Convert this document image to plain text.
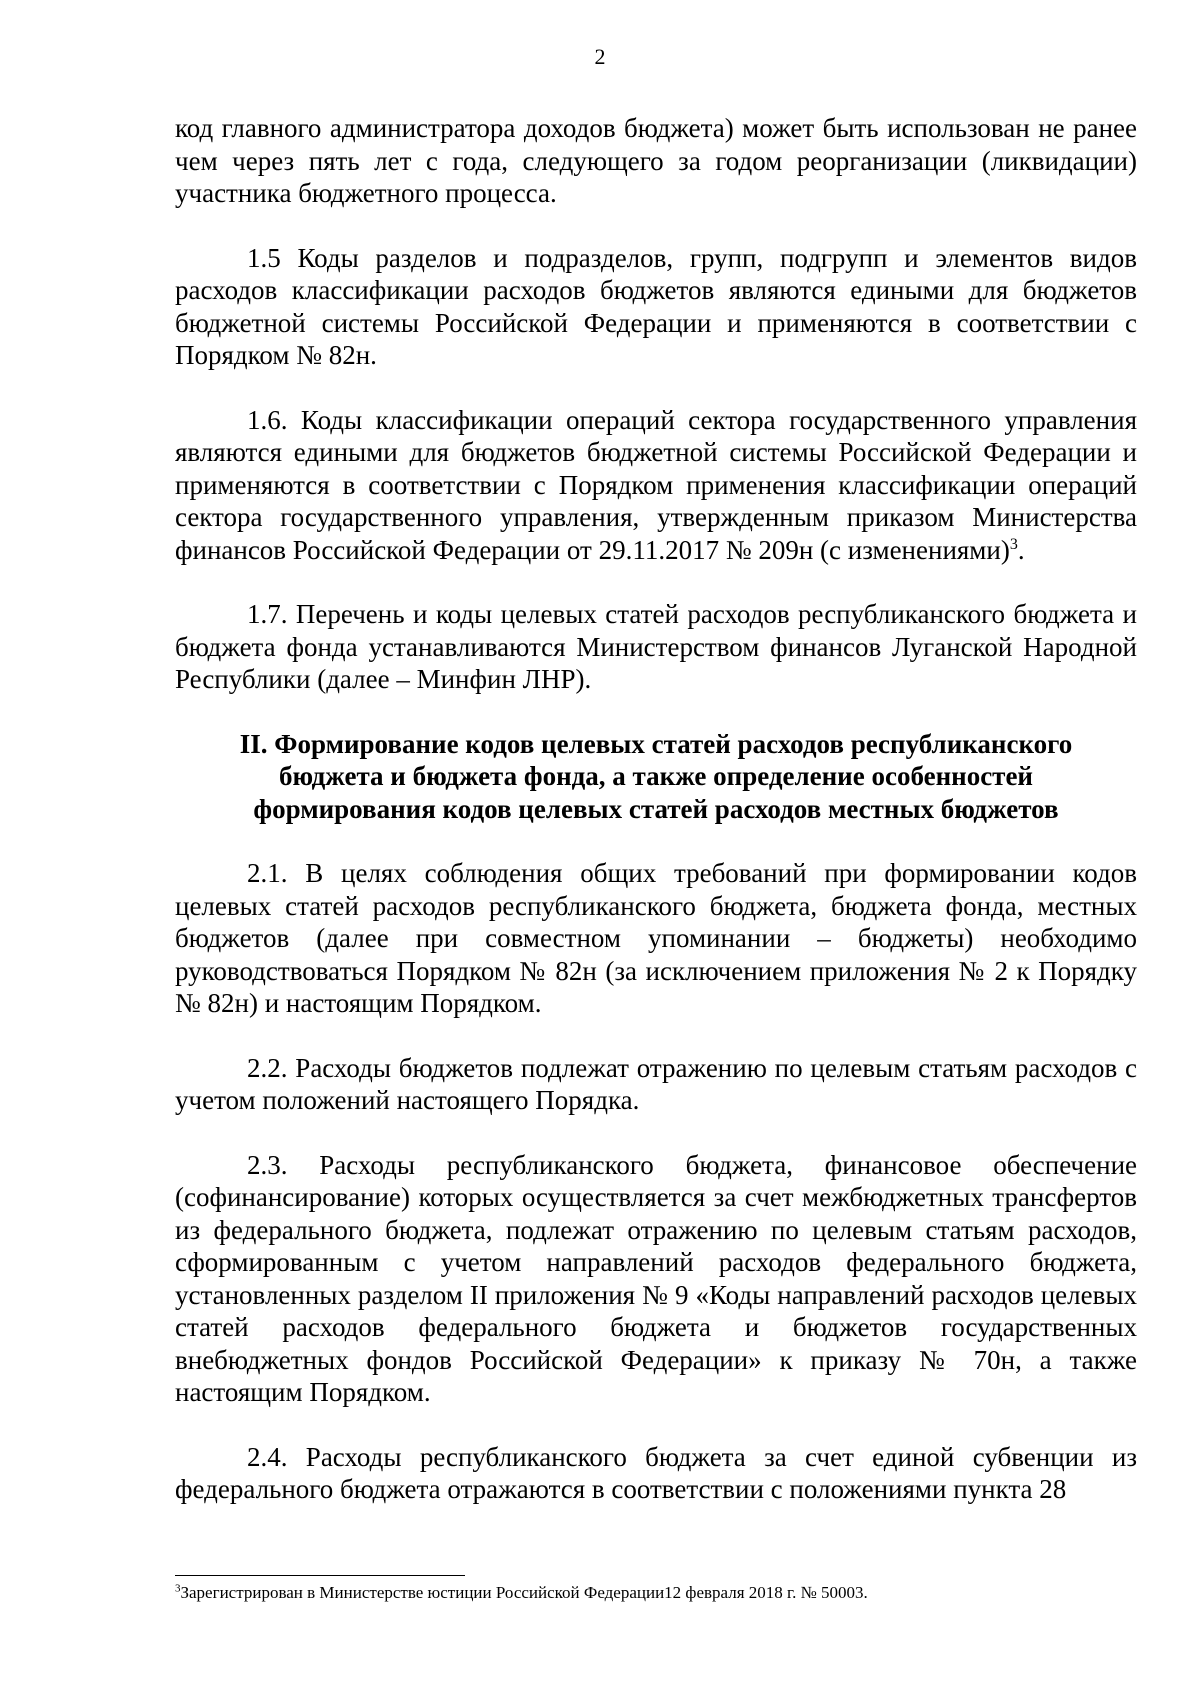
2

код главного администратора доходов бюджета) может быть использован не ранее чем через пять лет с года, следующего за годом реорганизации (ликвидации) участника бюджетного процесса.

1.5 Коды разделов и подразделов, групп, подгрупп и элементов видов расходов классификации расходов бюджетов являются едиными для бюджетов бюджетной системы Российской Федерации и применяются в соответствии с Порядком № 82н.

1.6. Коды классификации операций сектора государственного управления являются едиными для бюджетов бюджетной системы Российской Федерации и применяются в соответствии с Порядком применения классификации операций сектора государственного управления, утвержденным приказом Министерства финансов Российской Федерации от 29.11.2017 № 209н (с изменениями)$^3$.

1.7. Перечень и коды целевых статей расходов республиканского бюджета и бюджета фонда устанавливаются Министерством финансов Луганской Народной Республики (далее – Минфин ЛНР).

II. Формирование кодов целевых статей расходов республиканского бюджета и бюджета фонда, а также определение особенностей формирования кодов целевых статей расходов местных бюджетов

2.1. В целях соблюдения общих требований при формировании кодов целевых статей расходов республиканского бюджета, бюджета фонда, местных бюджетов (далее при совместном упоминании – бюджеты) необходимо руководствоваться Порядком № 82н (за исключением приложения № 2 к Порядку № 82н) и настоящим Порядком.

2.2. Расходы бюджетов подлежат отражению по целевым статьям расходов с учетом положений настоящего Порядка.

2.3. Расходы республиканского бюджета, финансовое обеспечение (софинансирование) которых осуществляется за счет межбюджетных трансфертов из федерального бюджета, подлежат отражению по целевым статьям расходов, сформированным с учетом направлений расходов федерального бюджета, установленных разделом II приложения № 9 «Коды направлений расходов целевых статей расходов федерального бюджета и бюджетов государственных внебюджетных фондов Российской Федерации» к приказу № 70н, а также настоящим Порядком.

2.4. Расходы республиканского бюджета за счет единой субвенции из федерального бюджета отражаются в соответствии с положениями пункта 28

$^3$Зарегистрирован в Министерстве юстиции Российской Федерации12 февраля 2018 г. № 50003.
